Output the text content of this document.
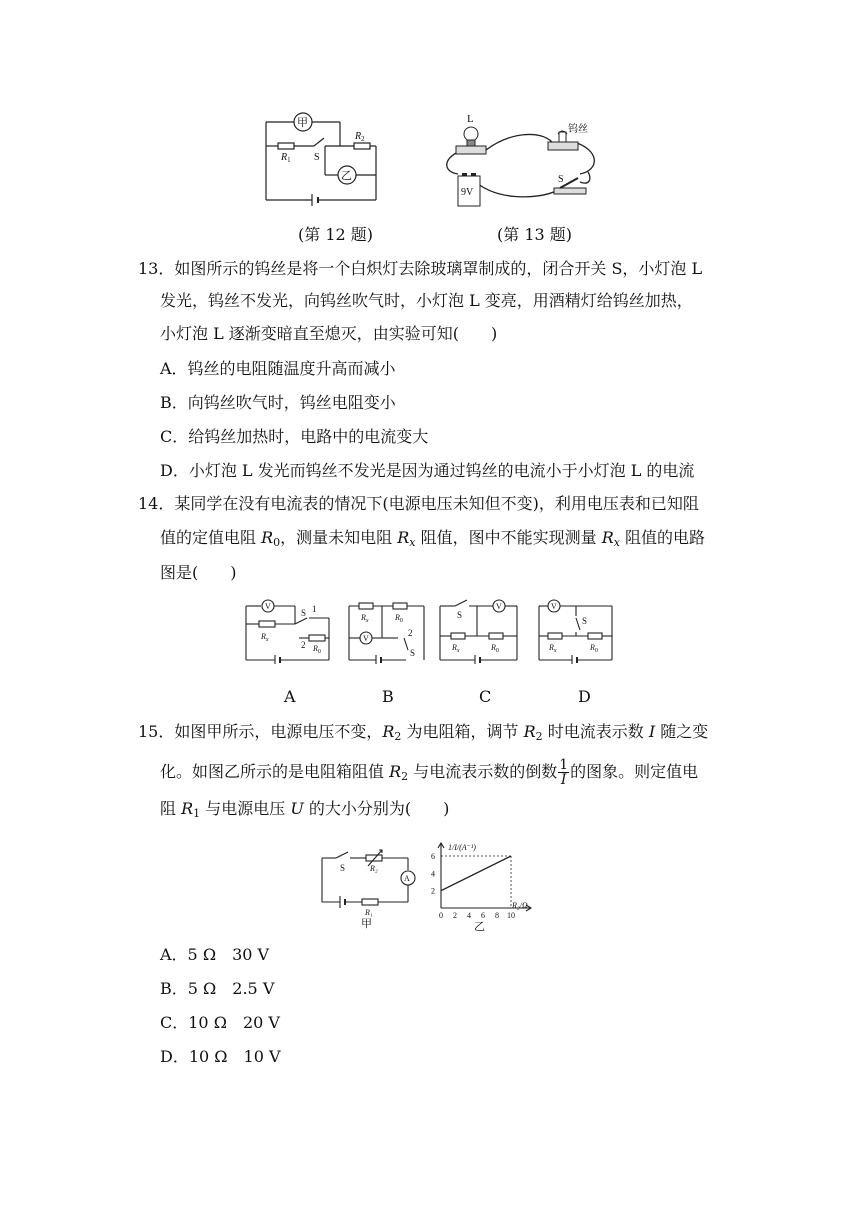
甲
乙
$R_1$
$R_2$
S
L
钨丝
9V
S
(第 12 题)	(第 13 题)
13．如图所示的钨丝是将一个白炽灯去除玻璃罩制成的，闭合开关 S，小灯泡 L
发光，钨丝不发光，向钨丝吹气时，小灯泡 L 变亮，用酒精灯给钨丝加热，
小灯泡 L 逐渐变暗直至熄灭，由实验可知(　　)
A．钨丝的电阻随温度升高而减小
B．向钨丝吹气时，钨丝电阻变小
C．给钨丝加热时，电路中的电流变大
D．小灯泡 L 发光而钨丝不发光是因为通过钨丝的电流小于小灯泡 L 的电流
14．某同学在没有电流表的情况下(电源电压未知但不变)，利用电压表和已知阻
值的定值电阻 $R_0$，测量未知电阻 $R_x$ 阻值，图中不能实现测量 $R_x$ 阻值的电路
图是(　　)
V
S 1
2
$R_x$
$R_0$
V
2
S
$R_x$	$R_0$
V
S
$R_x$	$R_0$
V
S
$R_x$	$R_0$
A	B	C	D
15．如图甲所示，电源电压不变，$R_2$ 为电阻箱，调节 $R_2$ 时电流表示数 I 随之变
化。如图乙所示的是电阻箱阻值 $R_2$ 与电流表示数的倒数 $\frac{1}{I}$ 的图象。则定值电
阻 $R_1$ 与电源电压 U 的大小分别为(　　)
S	R₂
A
R₁
甲
2
4
6
0 2 4 6 8 10
1/I/(A⁻¹)
R₂/Ω
乙
A．5 Ω　30 V
B．5 Ω　2.5 V
C．10 Ω　20 V
D．10 Ω　10 V
